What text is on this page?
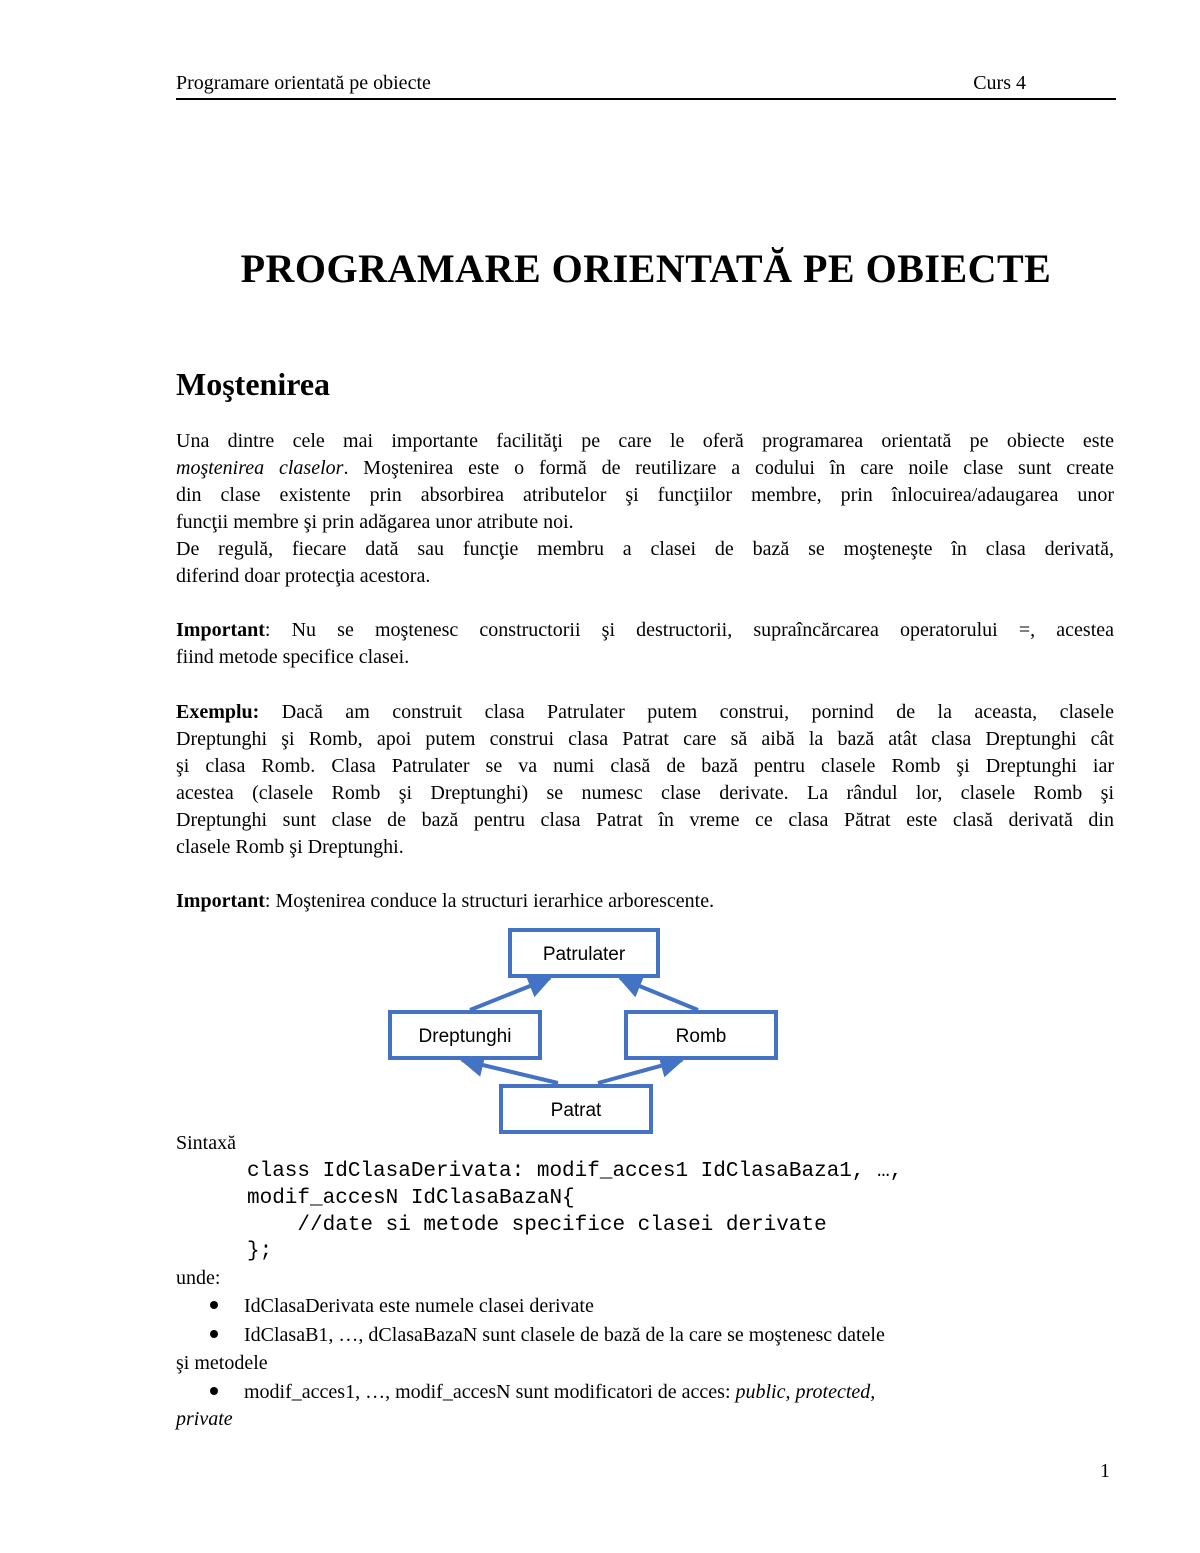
Programare orientată pe obiecte	Curs 4
PROGRAMARE ORIENTATĂ PE OBIECTE
Moştenirea
Una dintre cele mai importante facilităţi pe care le oferă programarea orientată pe obiecte este
moştenirea claselor. Moştenirea este o formă de reutilizare a codului în care noile clase sunt create
din clase existente prin absorbirea atributelor şi funcţiilor membre, prin înlocuirea/adaugarea unor
funcţii membre şi prin adăgarea unor atribute noi.
De regulă, fiecare dată sau funcţie membru a clasei de bază se moşteneşte în clasa derivată,
diferind doar protecţia acestora.
Important: Nu se moştenesc constructorii şi destructorii, supraîncărcarea operatorului =, acestea
fiind metode specifice clasei.
Exemplu: Dacă am construit clasa Patrulater putem construi, pornind de la aceasta, clasele
Dreptunghi şi Romb, apoi putem construi clasa Patrat care să aibă la bază atât clasa Dreptunghi cât
şi clasa Romb. Clasa Patrulater se va numi clasă de bază pentru clasele Romb şi Dreptunghi iar
acestea (clasele Romb şi Dreptunghi) se numesc clase derivate. La rândul lor, clasele Romb şi
Dreptunghi sunt clase de bază pentru clasa Patrat în vreme ce clasa Pătrat este clasă derivată din
clasele Romb şi Dreptunghi.
Important: Moştenirea conduce la structuri ierarhice arborescente.
Patrulater
Dreptunghi	Romb
Patrat
Sintaxă
class IdClasaDerivata: modif_acces1 IdClasaBaza1, …,
modif_accesN IdClasaBazaN{
//date si metode specifice clasei derivate
};
unde:
IdClasaDerivata este numele clasei derivate
IdClasaB1, …, dClasaBazaN sunt clasele de bază de la care se moştenesc datele
şi metodele
modif_acces1, …, modif_accesN sunt modificatori de acces: public, protected,
private
1
